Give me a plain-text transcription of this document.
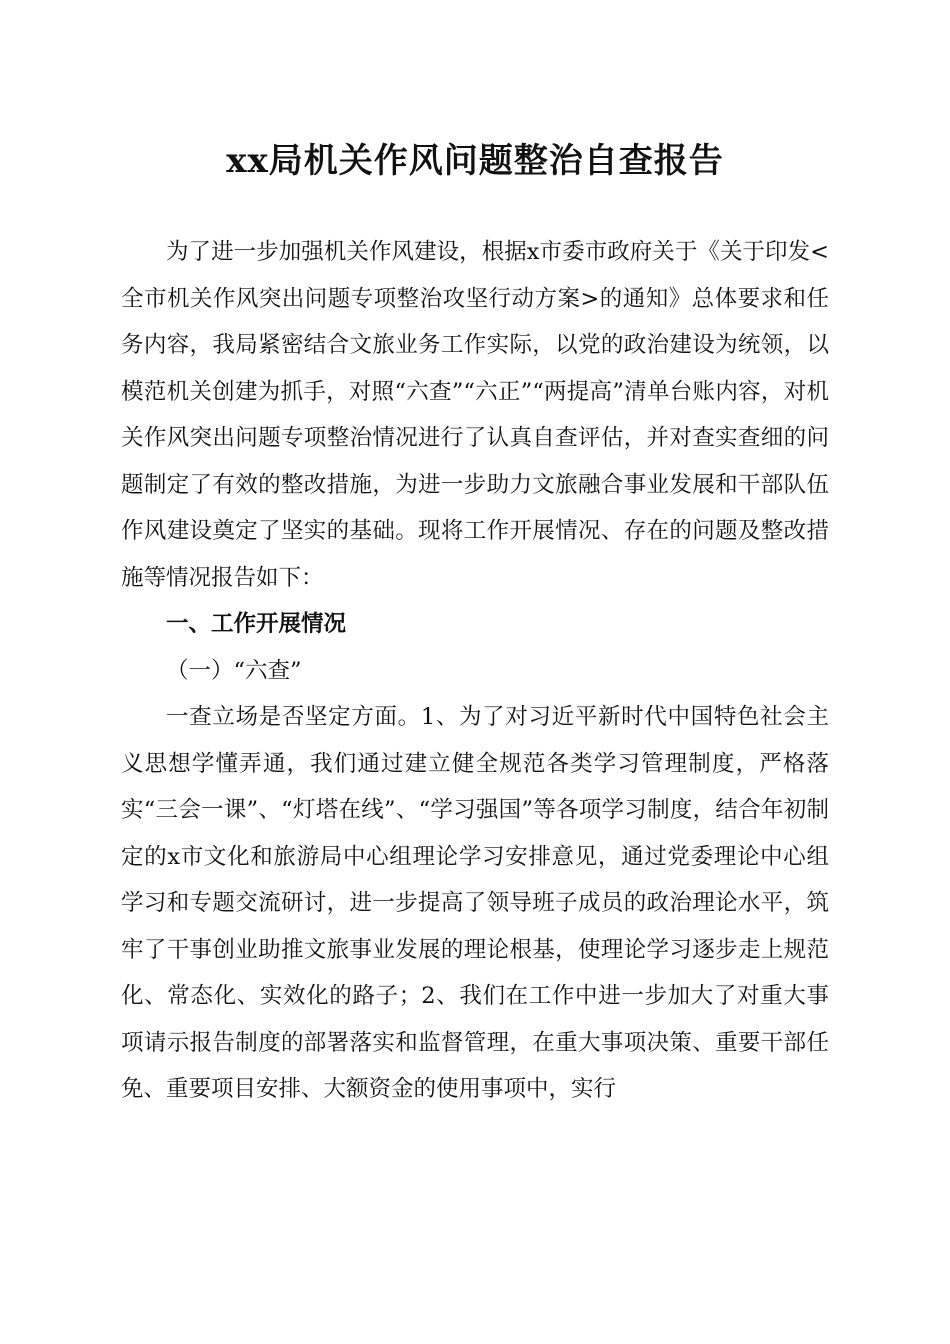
xx局机关作风问题整治自查报告

为了进一步加强机关作风建设，根据x市委市政府关于《关于印发<全市机关作风突出问题专项整治攻坚行动方案>的通知》总体要求和任务内容，我局紧密结合文旅业务工作实际，以党的政治建设为统领，以模范机关创建为抓手，对照“六查”“六正”“两提高”清单台账内容，对机关作风突出问题专项整治情况进行了认真自查评估，并对查实查细的问题制定了有效的整改措施，为进一步助力文旅融合事业发展和干部队伍作风建设奠定了坚实的基础。现将工作开展情况、存在的问题及整改措施等情况报告如下：

一、工作开展情况

（一）“六查”

一查立场是否坚定方面。1、为了对习近平新时代中国特色社会主义思想学懂弄通，我们通过建立健全规范各类学习管理制度，严格落实“三会一课”、“灯塔在线”、“学习强国”等各项学习制度，结合年初制定的x市文化和旅游局中心组理论学习安排意见，通过党委理论中心组学习和专题交流研讨，进一步提高了领导班子成员的政治理论水平，筑牢了干事创业助推文旅事业发展的理论根基，使理论学习逐步走上规范化、常态化、实效化的路子；2、我们在工作中进一步加大了对重大事项请示报告制度的部署落实和监督管理，在重大事项决策、重要干部任免、重要项目安排、大额资金的使用事项中，实行
